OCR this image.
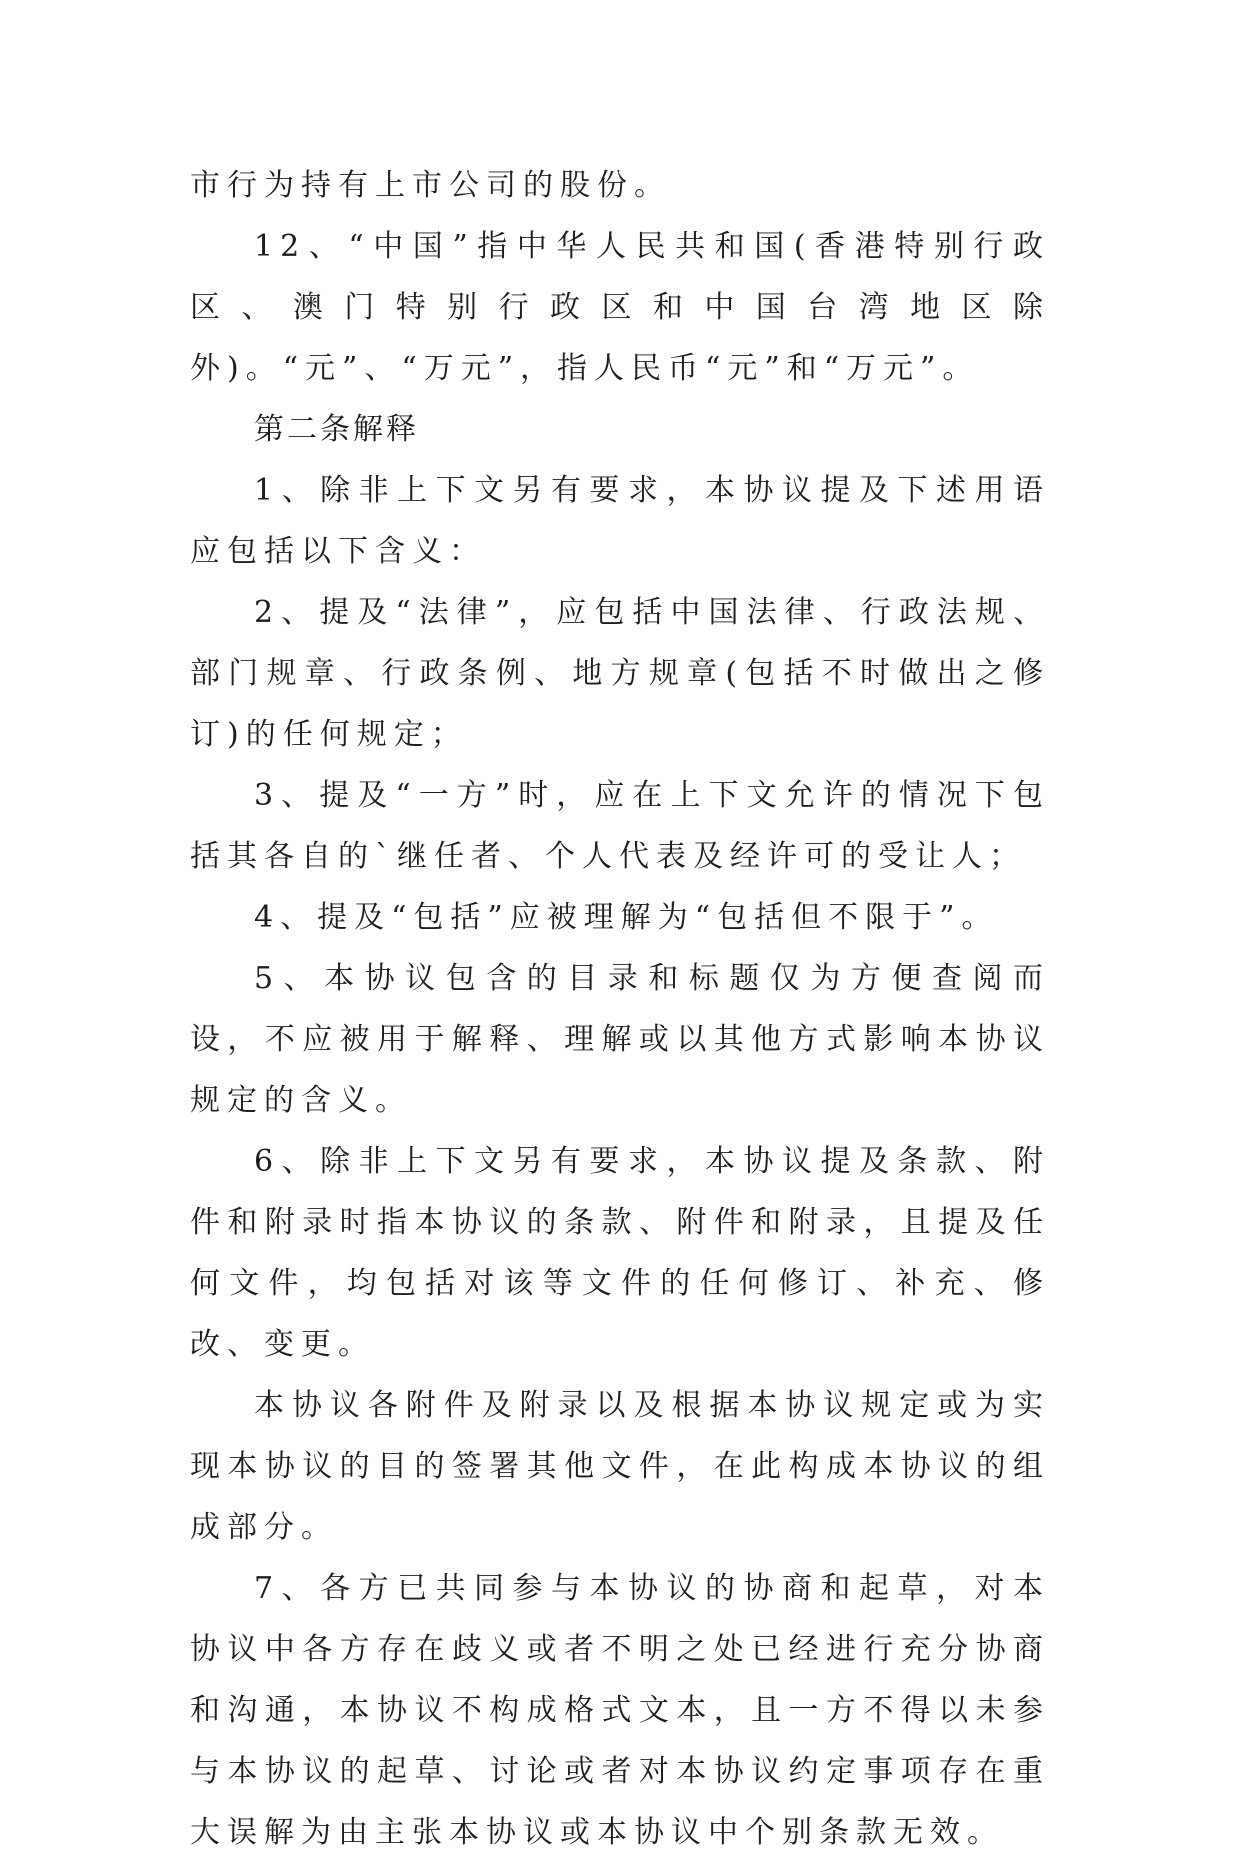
市行为持有上市公司的股份。

12、“中国”指中华人民共和国(香港特别行政区、澳门特别行政区和中国台湾地区除外)。“元”、“万元”，指人民币“元”和“万元”。

第二条解释

1、除非上下文另有要求，本协议提及下述用语应包括以下含义：

2、提及“法律”，应包括中国法律、行政法规、部门规章、行政条例、地方规章(包括不时做出之修订)的任何规定；

3、提及“一方”时，应在上下文允许的情况下包括其各自的`继任者、个人代表及经许可的受让人；

4、提及“包括”应被理解为“包括但不限于”。

5、本协议包含的目录和标题仅为方便查阅而设，不应被用于解释、理解或以其他方式影响本协议规定的含义。

6、除非上下文另有要求，本协议提及条款、附件和附录时指本协议的条款、附件和附录，且提及任何文件，均包括对该等文件的任何修订、补充、修改、变更。

本协议各附件及附录以及根据本协议规定或为实现本协议的目的签署其他文件，在此构成本协议的组成部分。

7、各方已共同参与本协议的协商和起草，对本协议中各方存在歧义或者不明之处已经进行充分协商和沟通，本协议不构成格式文本，且一方不得以未参与本协议的起草、讨论或者对本协议约定事项存在重大误解为由主张本协议或本协议中个别条款无效。
